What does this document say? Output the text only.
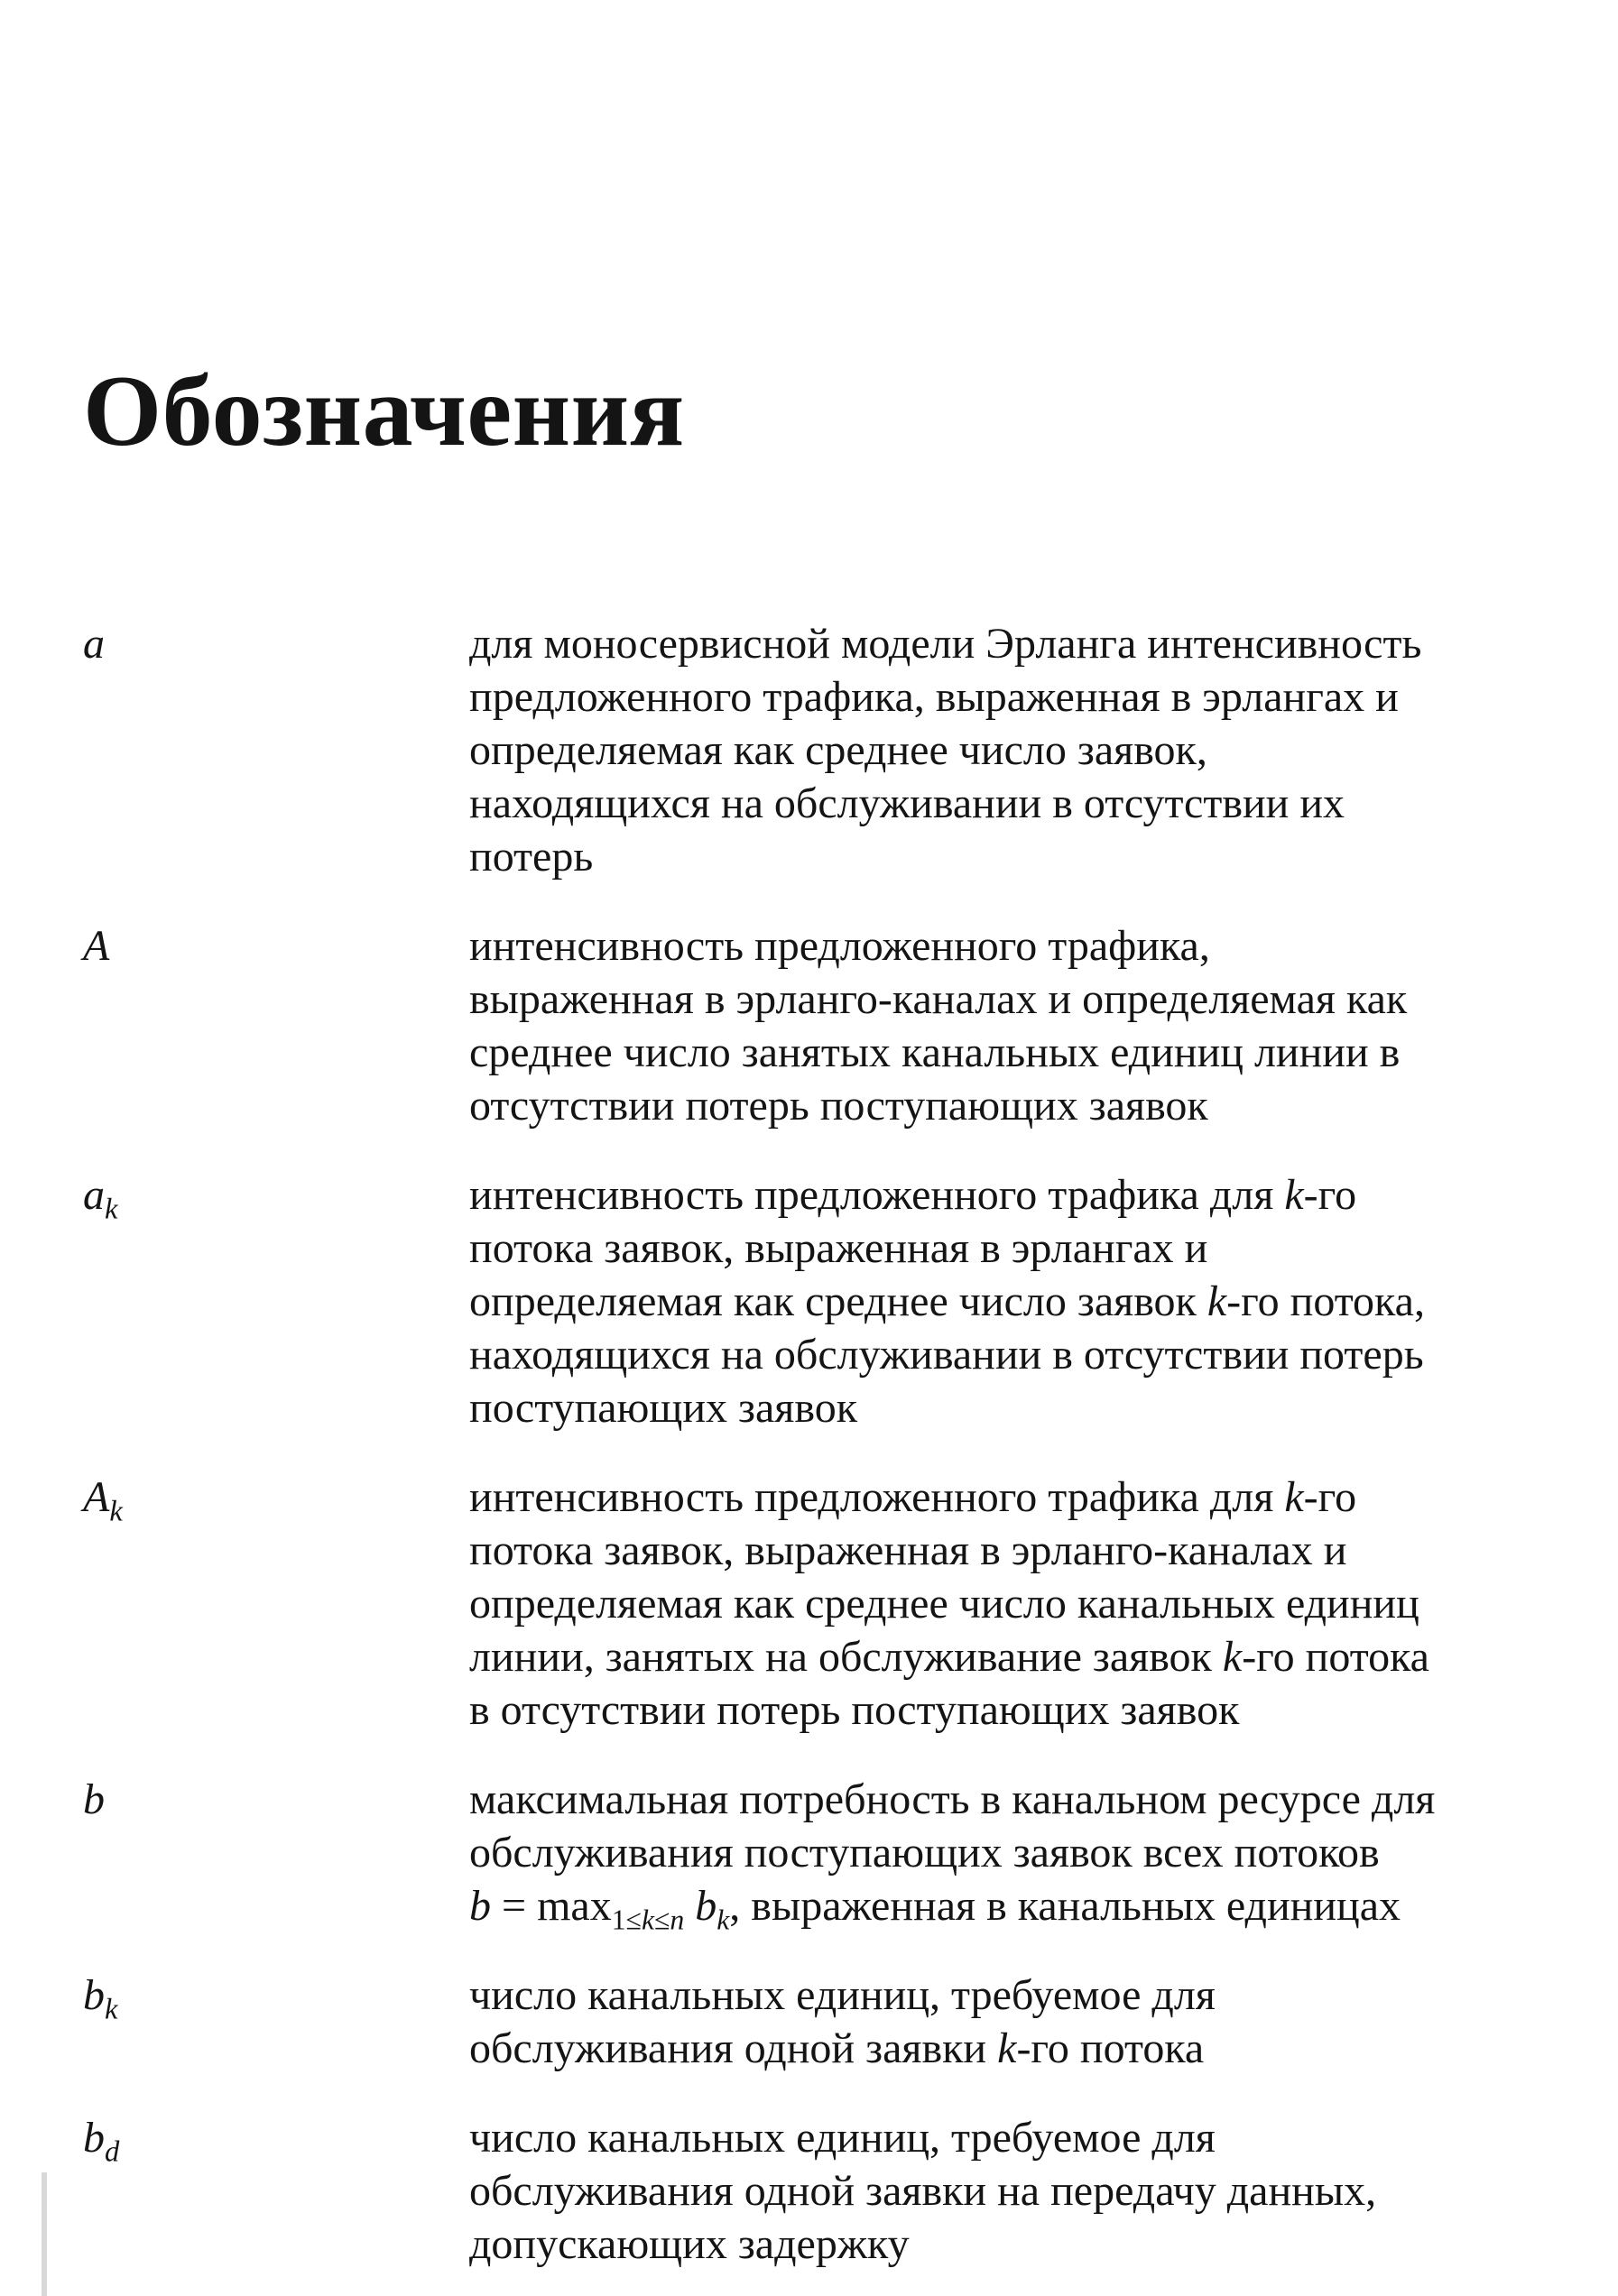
Обозначения
a	для моносервисной модели Эрланга интенсивность
предложенного трафика, выраженная в эрлангах и
определяемая как среднее число заявок,
находящихся на обслуживании в отсутствии их
потерь
A	интенсивность предложенного трафика,
выраженная в эрланго-каналах и определяемая как
среднее число занятых канальных единиц линии в
отсутствии потерь поступающих заявок
$a_k$	интенсивность предложенного трафика для k-го
потока заявок, выраженная в эрлангах и
определяемая как среднее число заявок k-го потока,
находящихся на обслуживании в отсутствии потерь
поступающих заявок
$A_k$	интенсивность предложенного трафика для k-го
потока заявок, выраженная в эрланго-каналах и
определяемая как среднее число канальных единиц
линии, занятых на обслуживание заявок k-го потока
в отсутствии потерь поступающих заявок
b	максимальная потребность в канальном ресурсе для
обслуживания поступающих заявок всех потоков
$b = \max_{1\le k\le n} b_k$, выраженная в канальных единицах
$b_k$	число канальных единиц, требуемое для
обслуживания одной заявки k-го потока
$b_d$	число канальных единиц, требуемое для
обслуживания одной заявки на передачу данных,
допускающих задержку
